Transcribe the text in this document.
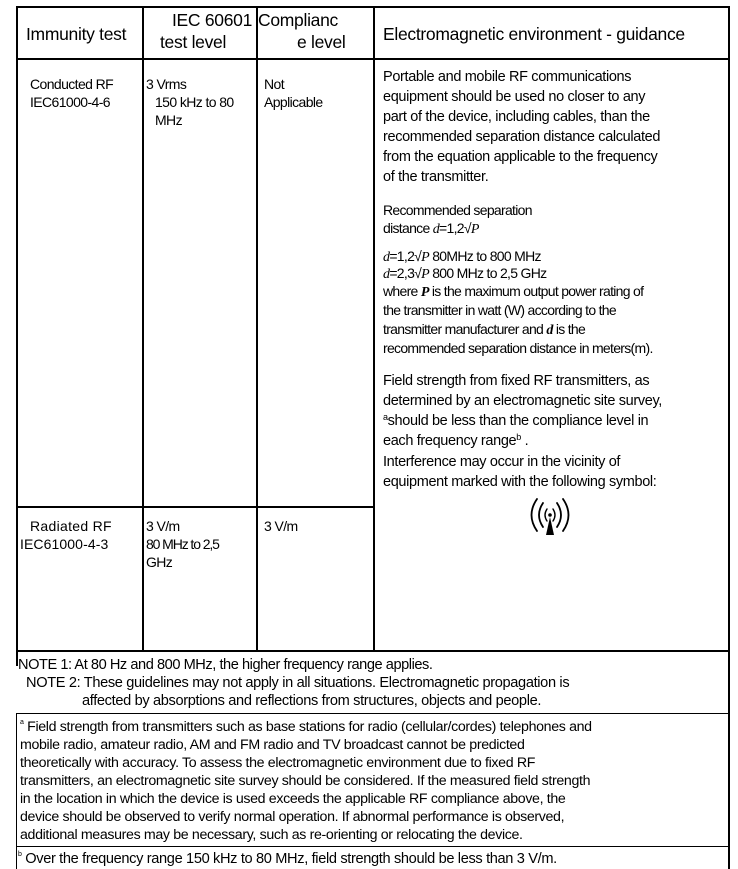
Immunity test
IEC 60601
test level
Complianc
e level Electromagnetic environment - guidance
Conducted RF
IEC61000-4-6
3 Vrms
150 kHz to 80
MHz
Not
Applicable
Radiated RF
IEC61000-4-3
3 V/m
80 MHz to 2,5
GHz
3 V/m
Portable and mobile RF communications
equipment should be used no closer to any
part of the device, including cables, than the
recommended separation distance calculated
from the equation applicable to the frequency
of the transmitter.
Recommended separation
distance d=1,2√P
d=1,2√P 80MHz to 800 MHz
d=2,3√P 800 MHz to 2,5 GHz
where P is the maximum output power rating of
the transmitter in watt (W) according to the
transmitter manufacturer and d is the
recommended separation distance in meters(m).
Field strength from fixed RF transmitters, as
determined by an electromagnetic site survey,
$^a$should be less than the compliance level in
each frequency range$^b$ .
Interference may occur in the vicinity of
equipment marked with the following symbol:
NOTE 1: At 80 Hz and 800 MHz, the higher frequency range applies.
NOTE 2: These guidelines may not apply in all situations. Electromagnetic propagation is
affected by absorptions and reflections from structures, objects and people.
$^a$ Field strength from transmitters such as base stations for radio (cellular/cordes) telephones and
mobile radio, amateur radio, AM and FM radio and TV broadcast cannot be predicted
theoretically with accuracy. To assess the electromagnetic environment due to fixed RF
transmitters, an electromagnetic site survey should be considered. If the measured field strength
in the location in which the device is used exceeds the applicable RF compliance above, the
device should be observed to verify normal operation. If abnormal performance is observed,
additional measures may be necessary, such as re-orienting or relocating the device.
$^b$ Over the frequency range 150 kHz to 80 MHz, field strength should be less than 3 V/m.
